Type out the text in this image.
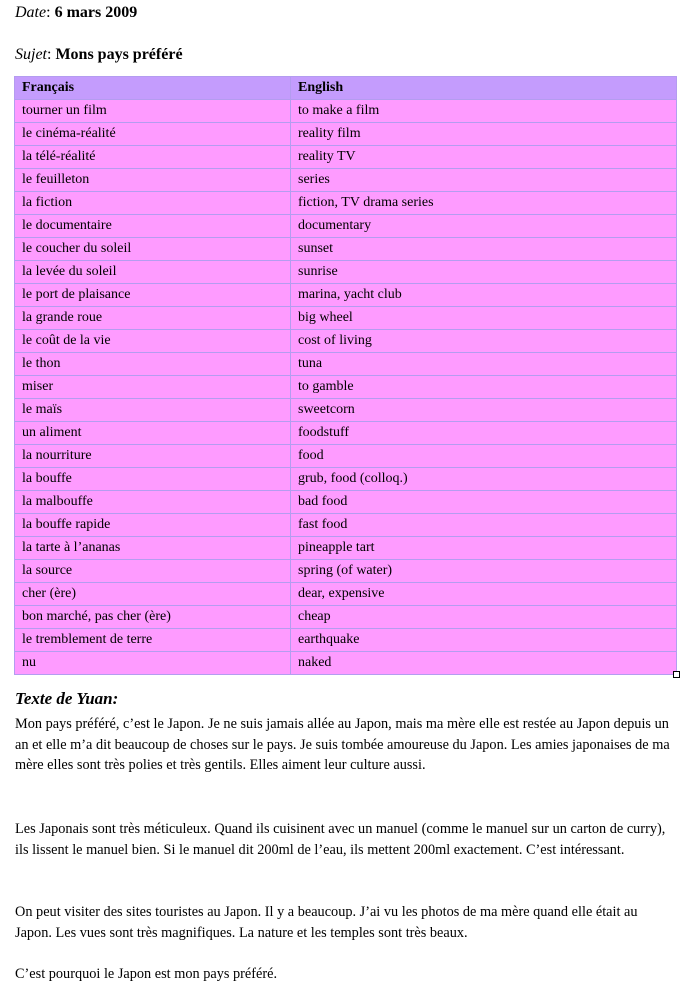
Date: 6 mars 2009
Sujet: Mons pays préféré
Français	English
tourner un film	to make a film
le cinéma-réalité	reality film
la télé-réalité	reality TV
le feuilleton	series
la fiction	fiction, TV drama series
le documentaire	documentary
le coucher du soleil	sunset
la levée du soleil	sunrise
le port de plaisance	marina, yacht club
la grande roue	big wheel
le coût de la vie	cost of living
le thon	tuna
miser	to gamble
le maïs	sweetcorn
un aliment	foodstuff
la nourriture	food
la bouffe	grub, food (colloq.)
la malbouffe	bad food
la bouffe rapide	fast food
la tarte à l’ananas	pineapple tart
la source	spring (of water)
cher (ère)	dear, expensive
bon marché, pas cher (ère)	cheap
le tremblement de terre	earthquake
nu	naked
Texte de Yuan:

Mon pays préféré, c’est le Japon. Je ne suis jamais allée au Japon, mais ma mère elle est restée au Japon depuis un an et elle m’a dit beaucoup de choses sur le pays. Je suis tombée amoureuse du Japon. Les amies japonaises de ma mère elles sont très polies et très gentils. Elles aiment leur culture aussi.

Les Japonais sont très méticuleux. Quand ils cuisinent avec un manuel (comme le manuel sur un carton de curry), ils lissent le manuel bien. Si le manuel dit 200ml de l’eau, ils mettent 200ml exactement. C’est intéressant.

On peut visiter des sites touristes au Japon. Il y a beaucoup. J’ai vu les photos de ma mère quand elle était au Japon. Les vues sont très magnifiques. La nature et les temples sont très beaux.

C’est pourquoi le Japon est mon pays préféré.
